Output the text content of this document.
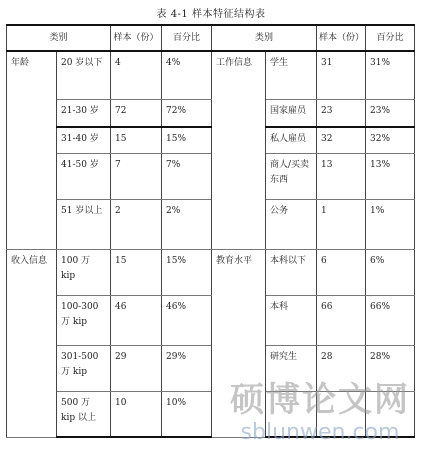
表 4-1 样本特征结构表
类别		样本（份）	百分比	类别		样本（份）	百分比
年龄	20 岁以下	4	4%	工作信息	学生	31	31%
	21-30 岁	72	72%		国家雇员	23	23%
	31-40 岁	15	15%		私人雇员	32	32%
	41-50 岁	7	7%		商人/买卖东西	13	13%
	51 岁以上	2	2%		公务	1	1%
收入信息	100 万 kip	15	15%	教育水平	本科以下	6	6%
	100-300 万 kip	46	46%		本科	66	66%
	301-500 万 kip	29	29%		研究生	28	28%
	500 万 kip 以上	10	10%				硕博论文网
sblunwen.com
